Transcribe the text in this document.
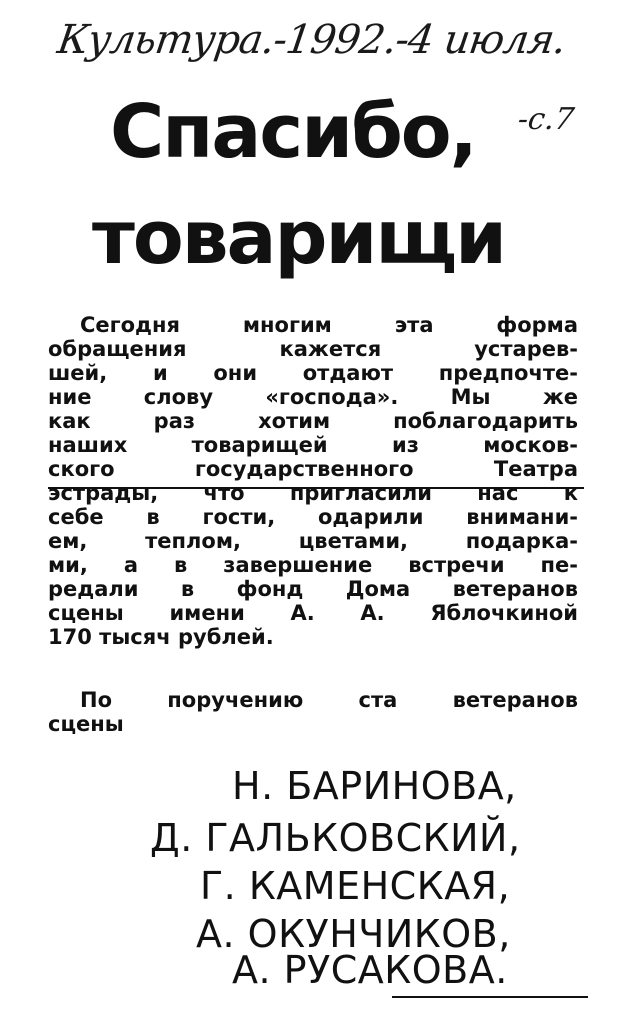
Культура.-1992.-4 июля.
-с.7
Спасибо,
товарищи
Сегодня многим эта форма
обращения кажется устарев-
шей, и они отдают предпочте-
ние слову «господа». Мы же
как раз хотим поблагодарить
наших товарищей из москов-
ского государственного Театра
эстрады, что пригласили нас к
себе в гости, одарили внимани-
ем, теплом, цветами, подарка-
ми, а в завершение встречи пе-
редали в фонд Дома ветеранов
сцены имени А. А. Яблочкиной
170 тысяч рублей.
По поручению ста ветеранов
сцены
Н. БАРИНОВА,
Д. ГАЛЬКОВСКИЙ,
Г. КАМЕНСКАЯ,
А. ОКУНЧИКОВ,
А. РУСАКОВА.
